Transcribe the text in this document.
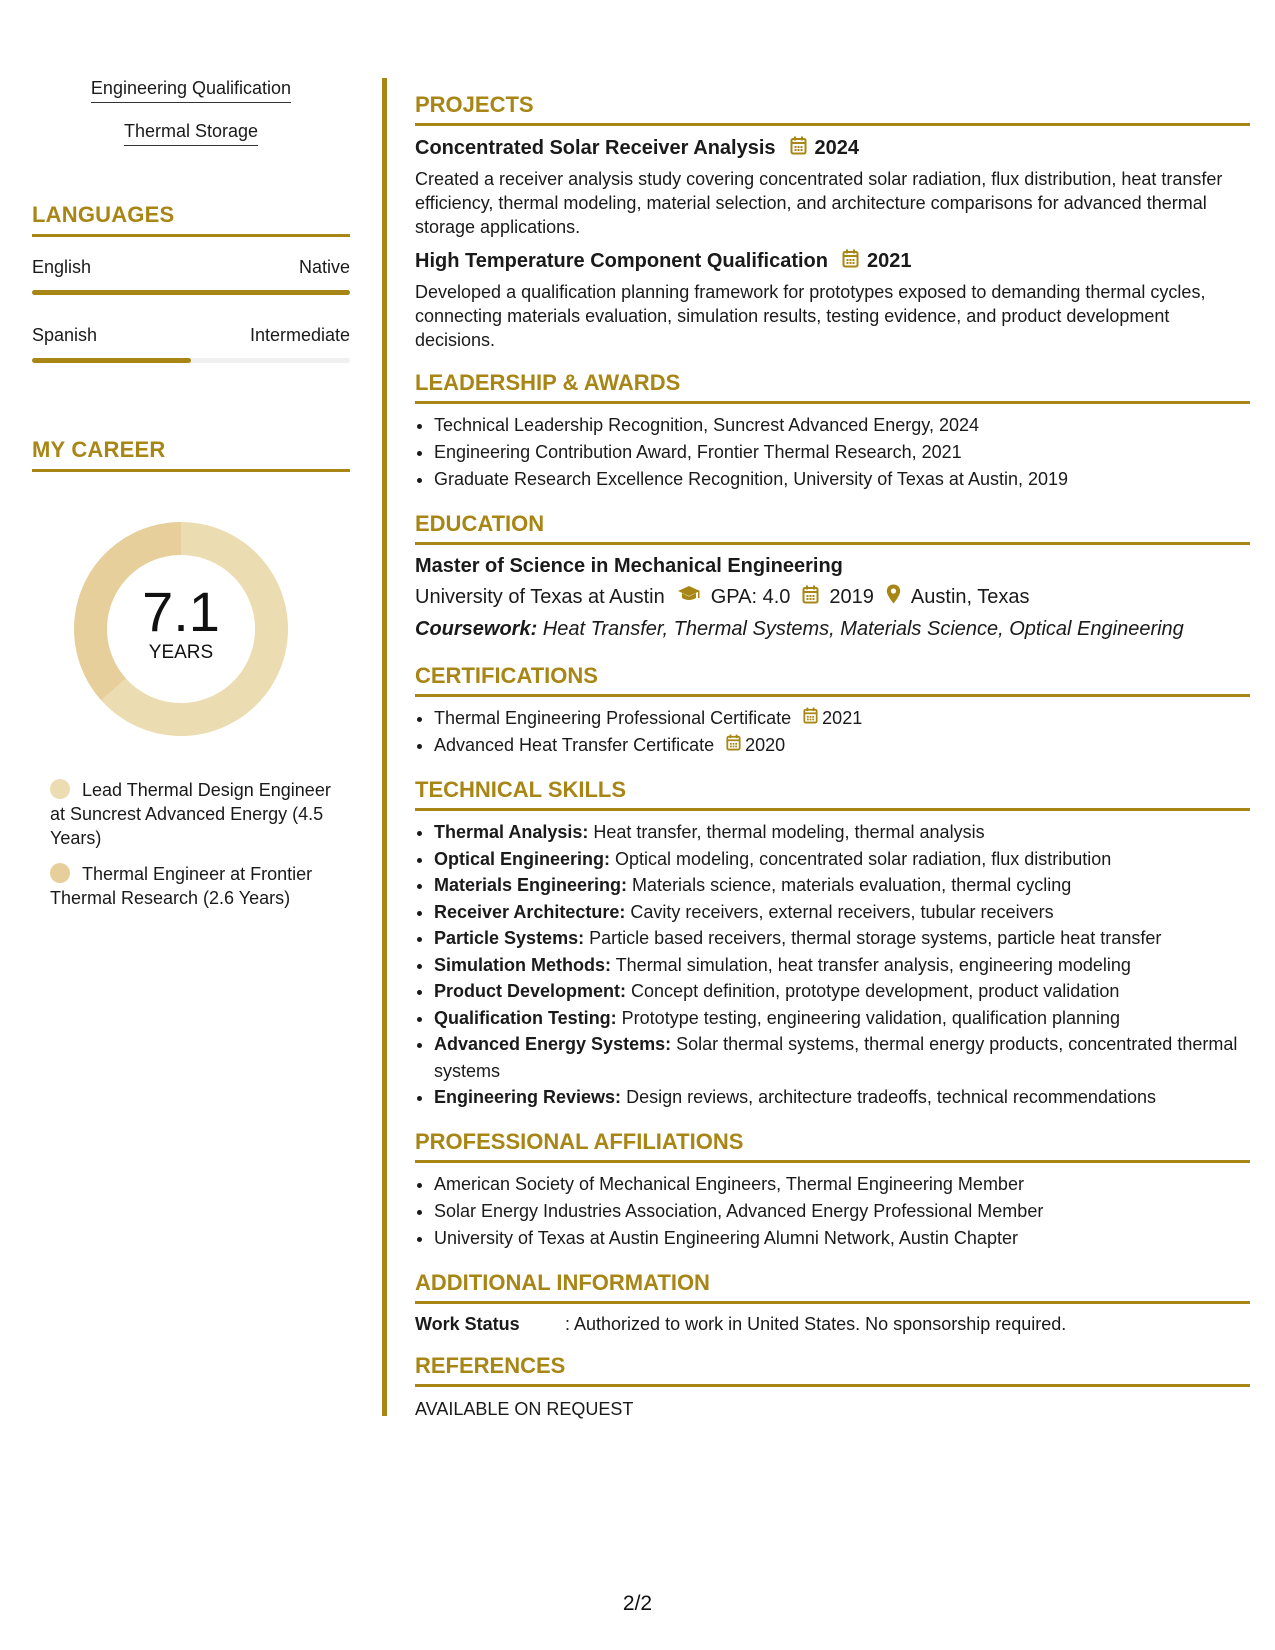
Engineering Qualification
Thermal Storage
LANGUAGES
English	Native
Spanish	Intermediate
MY CAREER
7.1
YEARS
Lead Thermal Design Engineer at Suncrest Advanced Energy (4.5 Years)
Thermal Engineer at Frontier Thermal Research (2.6 Years)
PROJECTS
Concentrated Solar Receiver Analysis 2024
Created a receiver analysis study covering concentrated solar radiation, flux distribution, heat transfer efficiency, thermal modeling, material selection, and architecture comparisons for advanced thermal storage applications.
High Temperature Component Qualification 2021
Developed a qualification planning framework for prototypes exposed to demanding thermal cycles, connecting materials evaluation, simulation results, testing evidence, and product development decisions.
LEADERSHIP & AWARDS
• Technical Leadership Recognition, Suncrest Advanced Energy, 2024
• Engineering Contribution Award, Frontier Thermal Research, 2021
• Graduate Research Excellence Recognition, University of Texas at Austin, 2019
EDUCATION
Master of Science in Mechanical Engineering
University of Texas at Austin GPA: 4.0 2019 Austin, Texas
Coursework: Heat Transfer, Thermal Systems, Materials Science, Optical Engineering
CERTIFICATIONS
• Thermal Engineering Professional Certificate 2021
• Advanced Heat Transfer Certificate 2020
TECHNICAL SKILLS
• Thermal Analysis: Heat transfer, thermal modeling, thermal analysis
• Optical Engineering: Optical modeling, concentrated solar radiation, flux distribution
• Materials Engineering: Materials science, materials evaluation, thermal cycling
• Receiver Architecture: Cavity receivers, external receivers, tubular receivers
• Particle Systems: Particle based receivers, thermal storage systems, particle heat transfer
• Simulation Methods: Thermal simulation, heat transfer analysis, engineering modeling
• Product Development: Concept definition, prototype development, product validation
• Qualification Testing: Prototype testing, engineering validation, qualification planning
• Advanced Energy Systems: Solar thermal systems, thermal energy products, concentrated thermal systems
• Engineering Reviews: Design reviews, architecture tradeoffs, technical recommendations
PROFESSIONAL AFFILIATIONS
• American Society of Mechanical Engineers, Thermal Engineering Member
• Solar Energy Industries Association, Advanced Energy Professional Member
• University of Texas at Austin Engineering Alumni Network, Austin Chapter
ADDITIONAL INFORMATION
Work Status	: Authorized to work in United States. No sponsorship required.
REFERENCES
AVAILABLE ON REQUEST
2/2
